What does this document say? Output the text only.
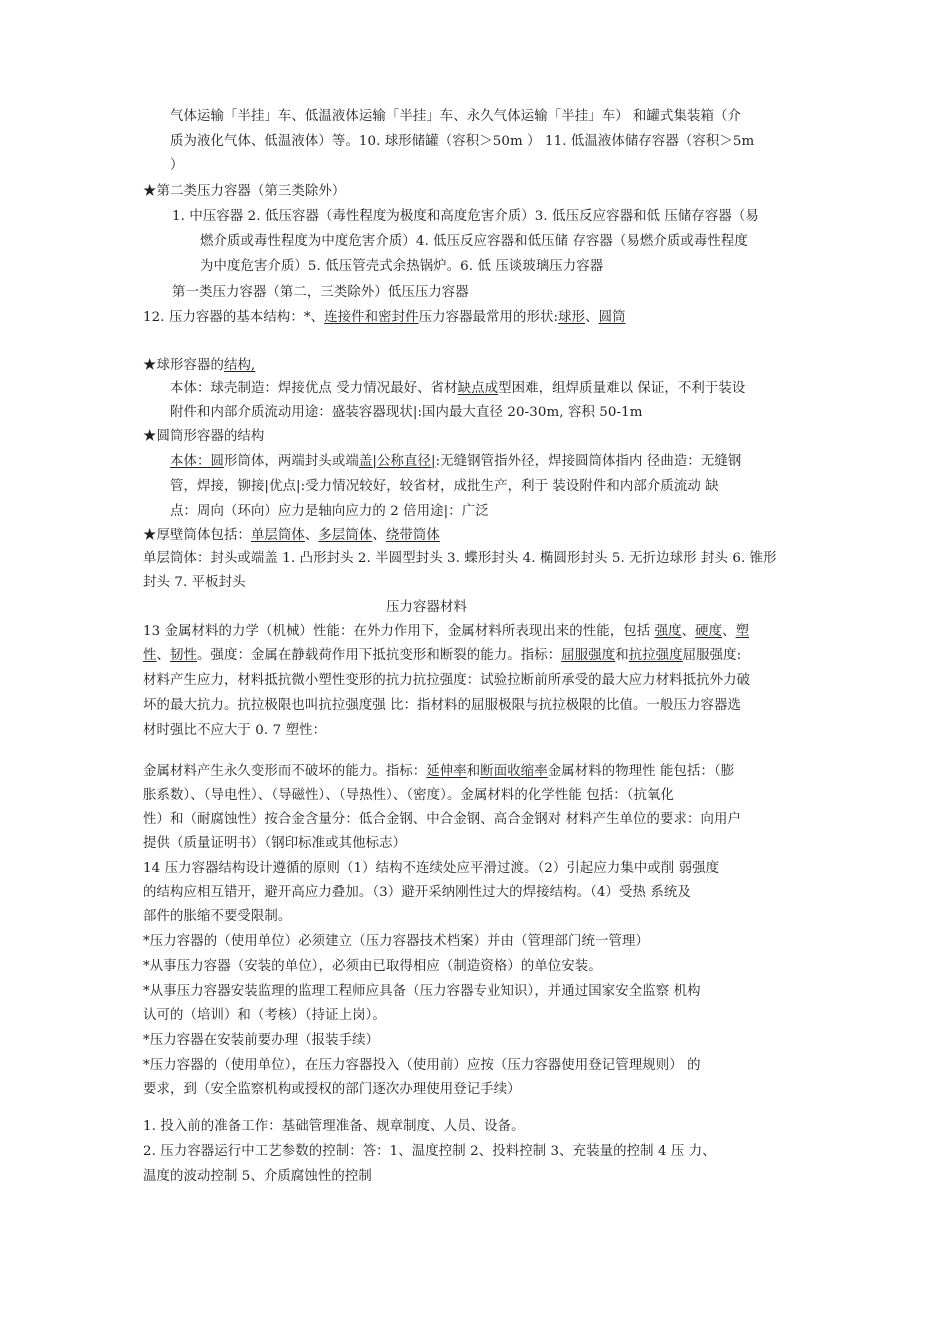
气体运输「半挂」车、低温液体运输「半挂」车、永久气体运输「半挂」车） 和罐式集装箱（介
质为液化气体、低温液体）等。10. 球形储罐（容积＞50m ） 11. 低温液体储存容器（容积＞5m
）
★第二类压力容器（第三类除外）
1. 中压容器 2. 低压容器（毒性程度为极度和高度危害介质）3. 低压反应容器和低 压储存容器（易
燃介质或毒性程度为中度危害介质）4. 低压反应容器和低压储 存容器（易燃介质或毒性程度
为中度危害介质）5. 低压管壳式余热锅炉。6. 低 压谈玻璃压力容器
第一类压力容器（第二，三类除外）低压压力容器
12. 压力容器的基本结构：*、连接件和密封件压力容器最常用的形状:球形、圆筒
★球形容器的结构,
本体：球壳制造：焊接优点 受力情况最好、省材缺点成型困难，组焊质量难以 保证，不利于装设
附件和内部介质流动用途：盛装容器现状|:国内最大直径 20-30m, 容积 50-1m
★圆筒形容器的结构
本体：圆形筒体，两端封头或端盖|公称直径|:无缝钢管指外径，焊接圆筒体指内 径曲造：无缝钢
管，焊接，铆接|优点|:受力情况较好，较省材，成批生产，利于 装设附件和内部介质流动 缺
点：周向（环向）应力是轴向应力的 2 倍用途|：广泛
★厚壁筒体包括：单层筒体、多层筒体、绕带筒体
单层筒体：封头或端盖 1. 凸形封头 2. 半圆型封头 3. 蝶形封头 4. 椭圆形封头 5. 无折边球形 封头 6. 锥形
封头 7. 平板封头
压力容器材料
13 金属材料的力学（机械）性能：在外力作用下，金属材料所表现出来的性能，包括 强度、硬度、塑
性、韧性。强度：金属在静载荷作用下抵抗变形和断裂的能力。指标：屈服强度和抗拉强度屈服强度:
材料产生应力，材料抵抗微小塑性变形的抗力抗拉强度：试验拉断前所承受的最大应力材料抵抗外力破
坏的最大抗力。抗拉极限也叫抗拉强度强 比：指材料的屈服极限与抗拉极限的比值。一般压力容器选
材时强比不应大于 0. 7 塑性：
金属材料产生永久变形而不破坏的能力。指标：延伸率和断面收缩率金属材料的物理性 能包括：（膨
胀系数）、（导电性）、（导磁性）、（导热性）、（密度）。金属材料的化学性能 包括：（抗氧化
性）和（耐腐蚀性）按合金含量分：低合金钢、中合金钢、高合金钢对 材料产生单位的要求：向用户
提供（质量证明书）（钢印标准或其他标志）
14 压力容器结构设计遵循的原则（1）结构不连续处应平滑过渡。（2）引起应力集中或削 弱强度
的结构应相互错开，避开高应力叠加。（3）避开采纳刚性过大的焊接结构。（4）受热 系统及
部件的胀缩不要受限制。
*压力容器的（使用单位）必须建立（压力容器技术档案）并由（管理部门统一管理）
*从事压力容器（安装的单位），必须由已取得相应（制造资格）的单位安装。
*从事压力容器安装监理的监理工程师应具备（压力容器专业知识），并通过国家安全监察 机构
认可的（培训）和（考核）（持证上岗）。
*压力容器在安装前要办理（报装手续）
*压力容器的（使用单位），在压力容器投入（使用前）应按（压力容器使用登记管理规则） 的
要求，到（安全监察机构或授权的部门逐次办理使用登记手续）
1. 投入前的准备工作：基础管理准备、规章制度、人员、设备。
2. 压力容器运行中工艺参数的控制：答：1、温度控制 2、投料控制 3、充装量的控制 4 压 力、
温度的波动控制 5、介质腐蚀性的控制
